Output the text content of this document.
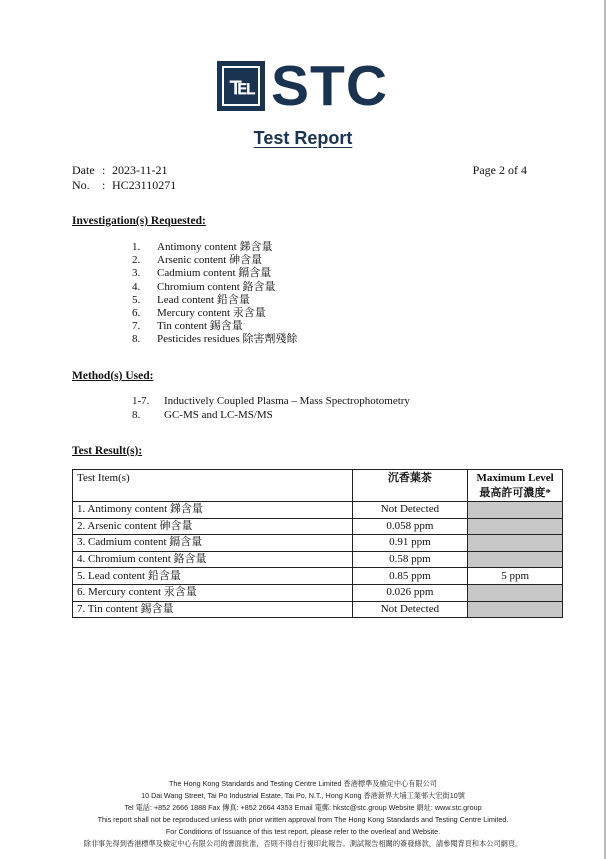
℡ STC
Test Report
Date : 2023-11-21
No.	: HC23110271
Page 2 of 4
Investigation(s) Requested:
1.	Antimony content 銻含量
2.	Arsenic content 砷含量
3.	Cadmium content 鎘含量
4.	Chromium content 鉻含量
5.	Lead content 鉛含量
6.	Mercury content 汞含量
7.	Tin content 錫含量
8.	Pesticides residues 除害劑殘餘
Method(s) Used:
1-7.	Inductively Coupled Plasma – Mass Spectrophotometry
8.	GC-MS and LC-MS/MS
Test Result(s):
Test Item(s)	沉香葉茶	Maximum Level
最高許可濃度*

1. Antimony content 銻含量	Not Detected	
2. Arsenic content 砷含量	0.058 ppm	
3. Cadmium content 鎘含量	0.91 ppm	
4. Chromium content 鉻含量	0.58 ppm	
5. Lead content 鉛含量	0.85 ppm	5 ppm
6. Mercury content 汞含量	0.026 ppm	
7. Tin content 錫含量	Not Detected	
The Hong Kong Standards and Testing Centre Limited 香港標準及檢定中心有限公司
10 Dai Wang Street, Tai Po Industrial Estate, Tai Po, N.T., Hong Kong 香港新界大埔工業邨大宏街10號
Tel 電話: +852 2666 1888 Fax 傳真: +852 2664 4353 Email 電郵: hkstc@stc.group Website 網址: www.stc.group
This report shall not be reproduced unless with prior written approval from The Hong Kong Standards and Testing Centre Limited.
For Conditions of Issuance of this test report, please refer to the overleaf and Website.
除非事先得到香港標準及檢定中心有限公司的書面批准，否則不得自行複印此報告。測試報告相關的簽發條款，請參閱背頁和本公司網頁。
